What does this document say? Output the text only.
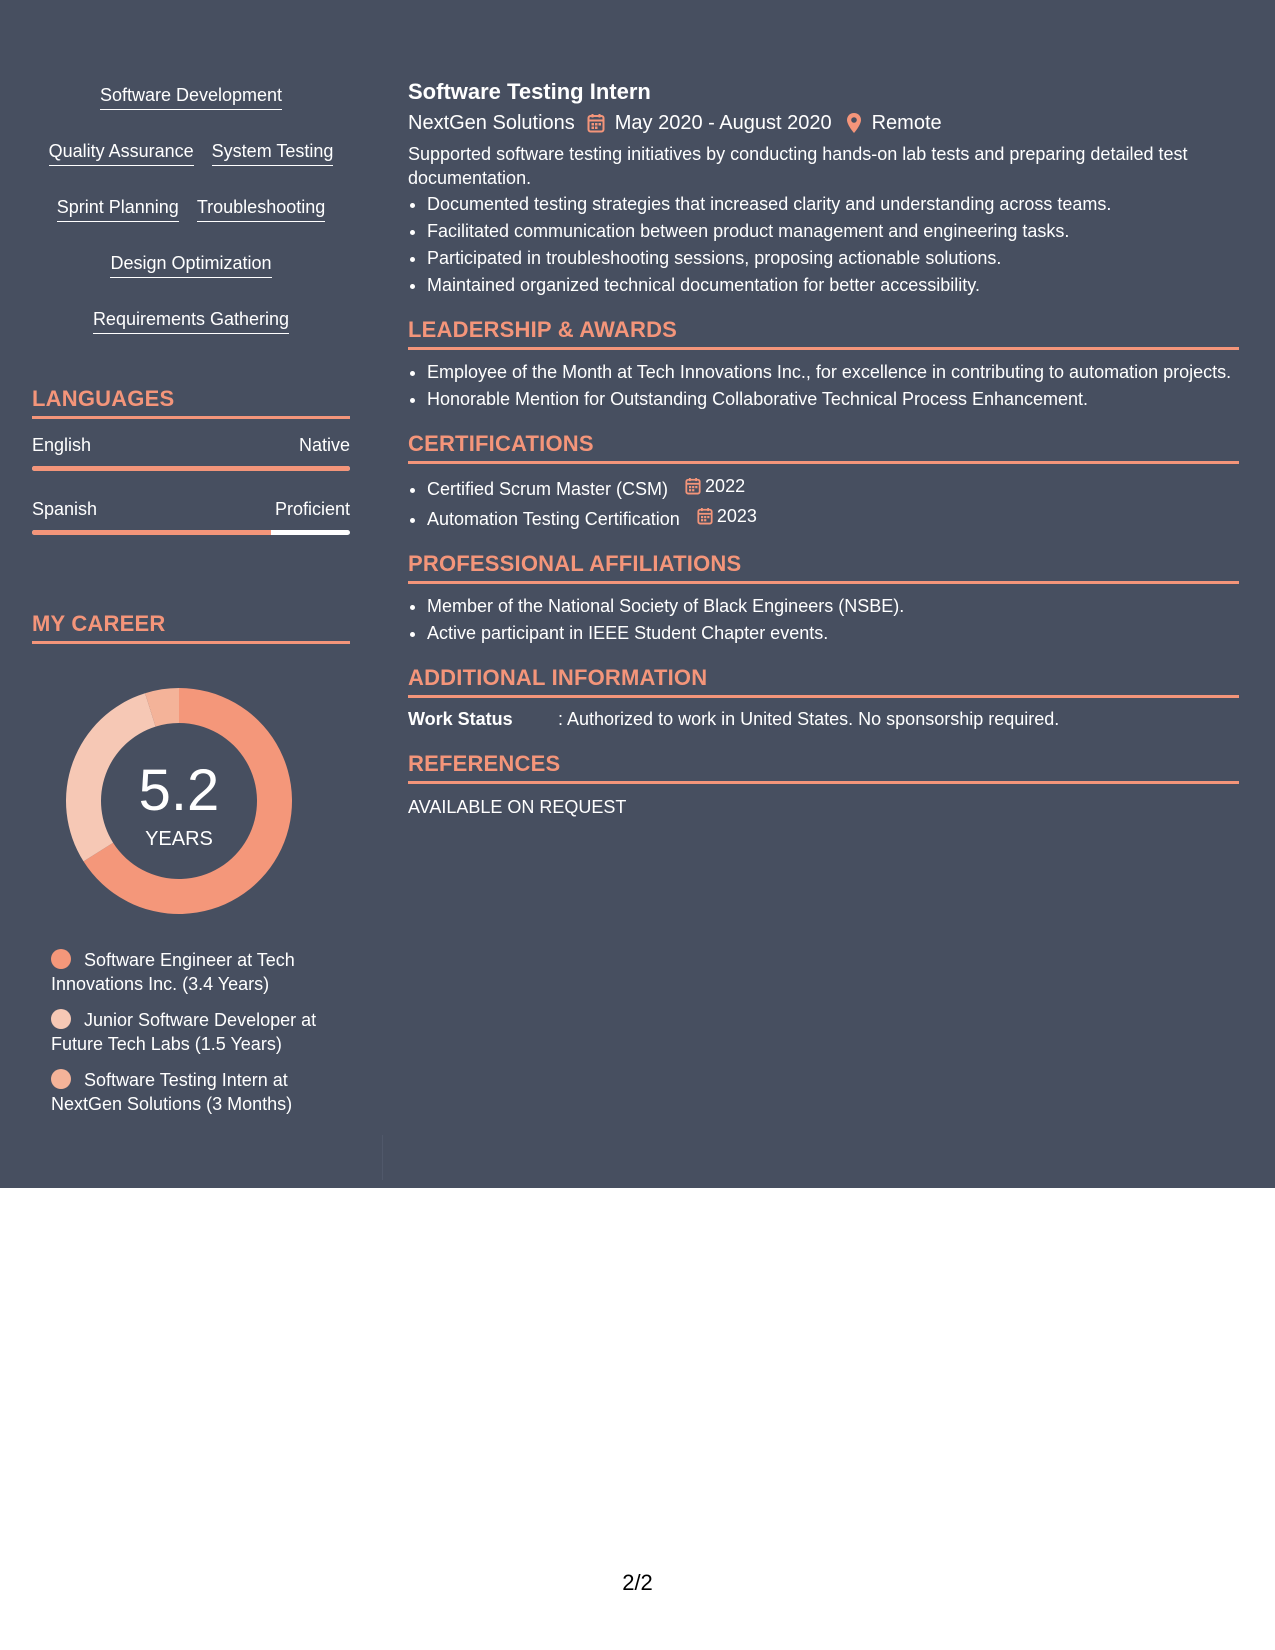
Software Development
Quality Assurance System Testing
Sprint Planning Troubleshooting
Design Optimization
Requirements Gathering
LANGUAGES
English	Native
Spanish	Proficient
MY CAREER
5.2
YEARS
Software Engineer at Tech Innovations Inc. (3.4 Years)
Junior Software Developer at Future Tech Labs (1.5 Years)
Software Testing Intern at NextGen Solutions (3 Months)
Software Testing Intern
NextGen Solutions May 2020 - August 2020 Remote
Supported software testing initiatives by conducting hands-on lab tests and preparing detailed test documentation.
• Documented testing strategies that increased clarity and understanding across teams.
• Facilitated communication between product management and engineering tasks.
• Participated in troubleshooting sessions, proposing actionable solutions.
• Maintained organized technical documentation for better accessibility.
LEADERSHIP & AWARDS
• Employee of the Month at Tech Innovations Inc., for excellence in contributing to automation projects.
• Honorable Mention for Outstanding Collaborative Technical Process Enhancement.
CERTIFICATIONS
• Certified Scrum Master (CSM) 2022
• Automation Testing Certification 2023
PROFESSIONAL AFFILIATIONS
• Member of the National Society of Black Engineers (NSBE).
• Active participant in IEEE Student Chapter events.
ADDITIONAL INFORMATION
Work Status	: Authorized to work in United States. No sponsorship required.
REFERENCES
AVAILABLE ON REQUEST
2/2
